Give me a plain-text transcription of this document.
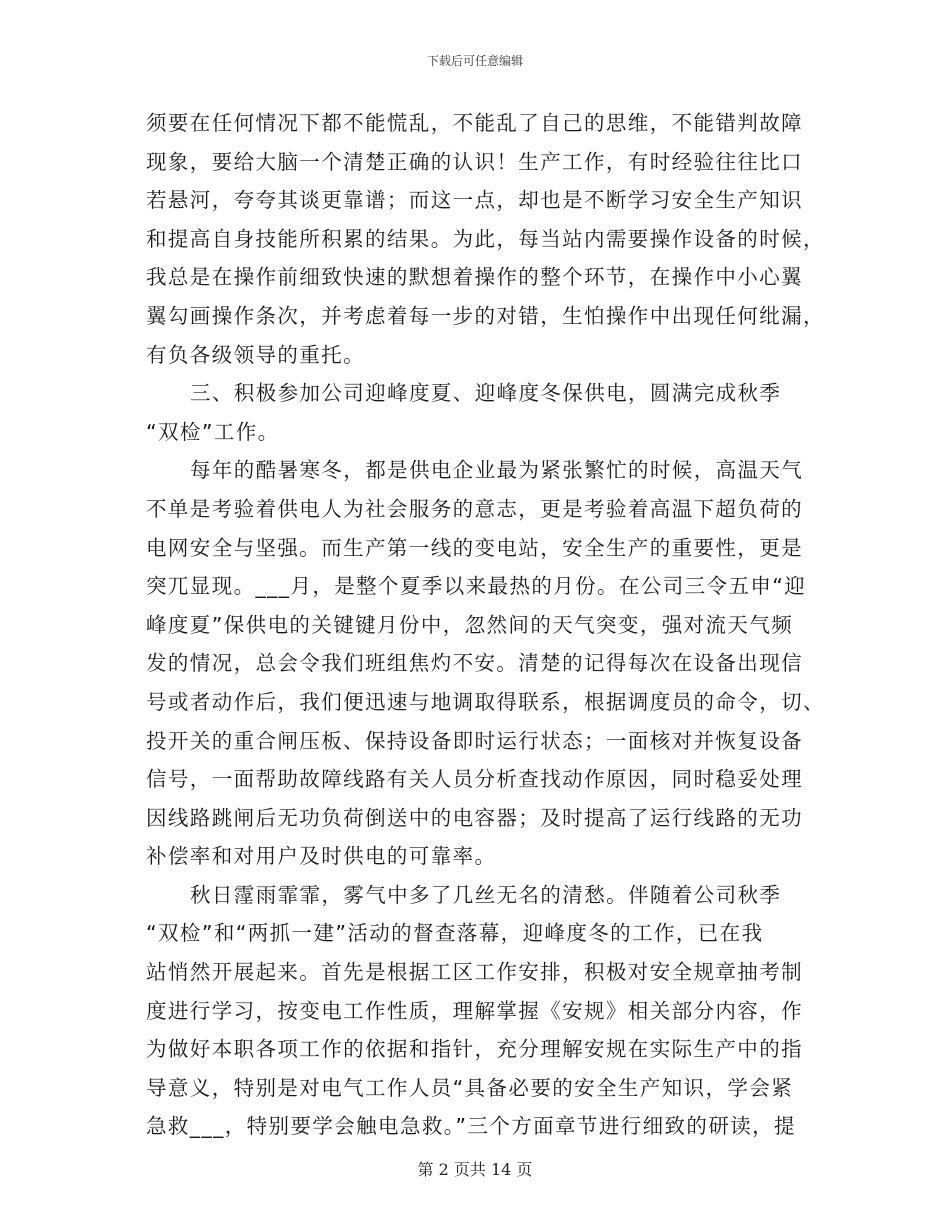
下载后可任意编辑
须要在任何情况下都不能慌乱，不能乱了自己的思维，不能错判故障
现象，要给大脑一个清楚正确的认识！生产工作，有时经验往往比口
若悬河，夸夸其谈更靠谱；而这一点，却也是不断学习安全生产知识
和提高自身技能所积累的结果。为此，每当站内需要操作设备的时候，
我总是在操作前细致快速的默想着操作的整个环节，在操作中小心翼
翼勾画操作条次，并考虑着每一步的对错，生怕操作中出现任何纰漏，
有负各级领导的重托。
三、积极参加公司迎峰度夏、迎峰度冬保供电，圆满完成秋季
“双检”工作。
每年的酷暑寒冬，都是供电企业最为紧张繁忙的时候，高温天气
不单是考验着供电人为社会服务的意志，更是考验着高温下超负荷的
电网安全与坚强。而生产第一线的变电站，安全生产的重要性，更是
突兀显现。___月，是整个夏季以来最热的月份。在公司三令五申“迎
峰度夏”保供电的关键键月份中，忽然间的天气突变，强对流天气频
发的情况，总会令我们班组焦灼不安。清楚的记得每次在设备出现信
号或者动作后，我们便迅速与地调取得联系，根据调度员的命令，切、
投开关的重合闸压板、保持设备即时运行状态；一面核对并恢复设备
信号，一面帮助故障线路有关人员分析查找动作原因，同时稳妥处理
因线路跳闸后无功负荷倒送中的电容器；及时提高了运行线路的无功
补偿率和对用户及时供电的可靠率。
秋日霪雨霏霏，雾气中多了几丝无名的清愁。伴随着公司秋季
“双检”和“两抓一建”活动的督查落幕，迎峰度冬的工作，已在我
站悄然开展起来。首先是根据工区工作安排，积极对安全规章抽考制
度进行学习，按变电工作性质，理解掌握《安规》相关部分内容，作
为做好本职各项工作的依据和指针，充分理解安规在实际生产中的指
导意义，特别是对电气工作人员“具备必要的安全生产知识，学会紧
急救___，特别要学会触电急救。”三个方面章节进行细致的研读，提
第 2 页共 14 页
